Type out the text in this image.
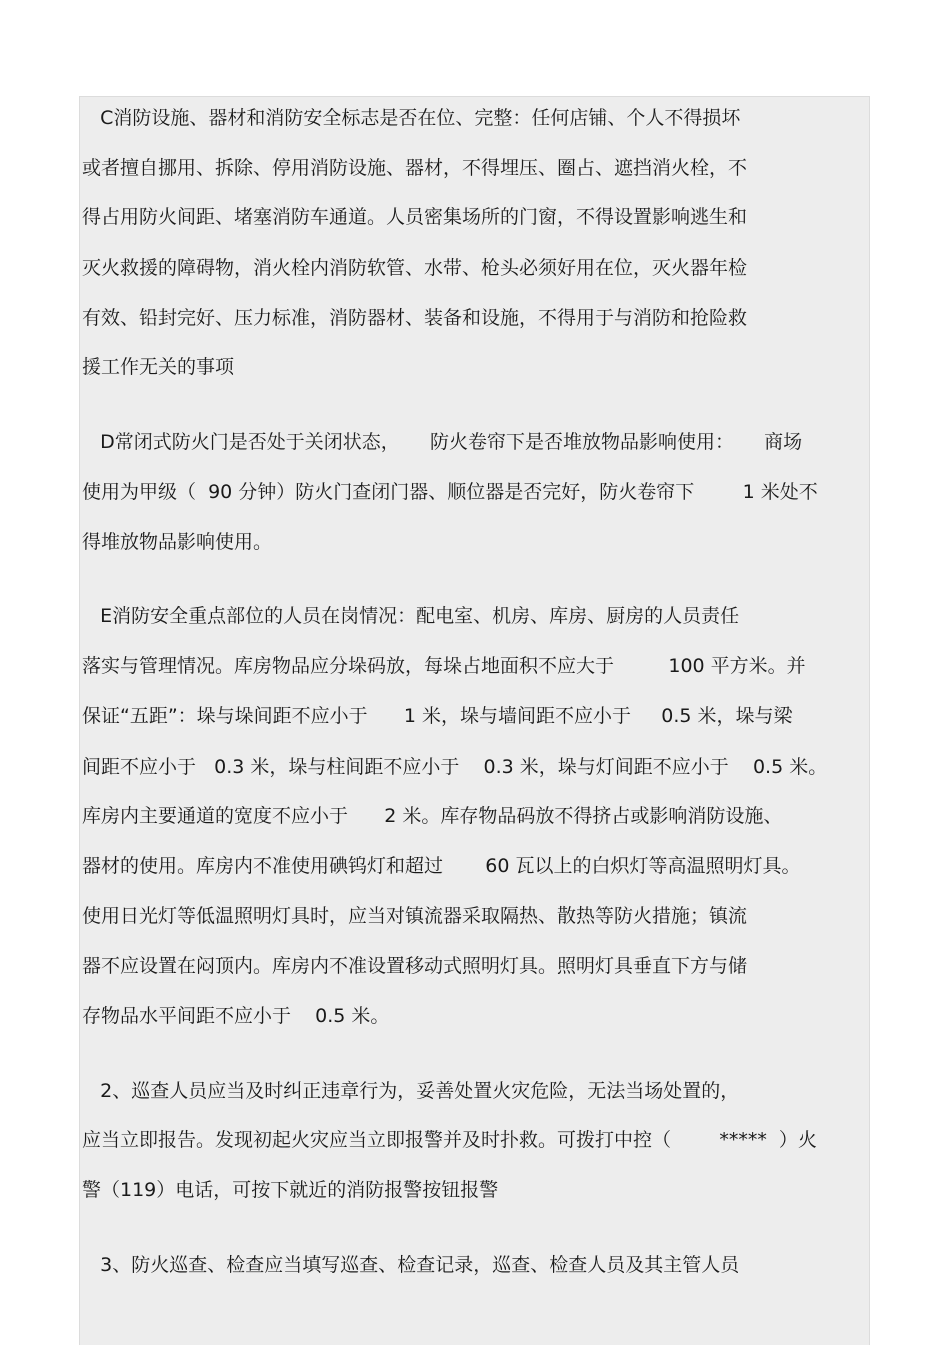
C消防设施、器材和消防安全标志是否在位、完整：任何店铺、个人不得损坏
或者擅自挪用、拆除、停用消防设施、器材，不得埋压、圈占、遮挡消火栓，不
得占用防火间距、堵塞消防车通道。人员密集场所的门窗，不得设置影响逃生和
灭火救援的障碍物，消火栓内消防软管、水带、枪头必须好用在位，灭火器年检
有效、铅封完好、压力标准，消防器材、装备和设施，不得用于与消防和抢险救
援工作无关的事项
D常闭式防火门是否处于关闭状态，     防火卷帘下是否堆放物品影响使用：     商场
使用为甲级（  90 分钟）防火门查闭门器、顺位器是否完好，防火卷帘下        1 米处不
得堆放物品影响使用。
E消防安全重点部位的人员在岗情况：配电室、机房、库房、厨房的人员责任
落实与管理情况。库房物品应分垛码放，每垛占地面积不应大于         100 平方米。并
保证“五距”：垛与垛间距不应小于      1 米，垛与墙间距不应小于     0.5 米，垛与梁
间距不应小于   0.3 米，垛与柱间距不应小于    0.3 米，垛与灯间距不应小于    0.5 米。
库房内主要通道的宽度不应小于      2 米。库存物品码放不得挤占或影响消防设施、
器材的使用。库房内不准使用碘钨灯和超过       60 瓦以上的白炽灯等高温照明灯具。
使用日光灯等低温照明灯具时，应当对镇流器采取隔热、散热等防火措施；镇流
器不应设置在闷顶内。库房内不准设置移动式照明灯具。照明灯具垂直下方与储
存物品水平间距不应小于    0.5 米。
2、巡查人员应当及时纠正违章行为，妥善处置火灾危险，无法当场处置的，
应当立即报告。发现初起火灾应当立即报警并及时扑救。可拨打中控（        *****  ）火
警（119）电话，可按下就近的消防报警按钮报警
3、防火巡查、检查应当填写巡查、检查记录，巡查、检查人员及其主管人员
